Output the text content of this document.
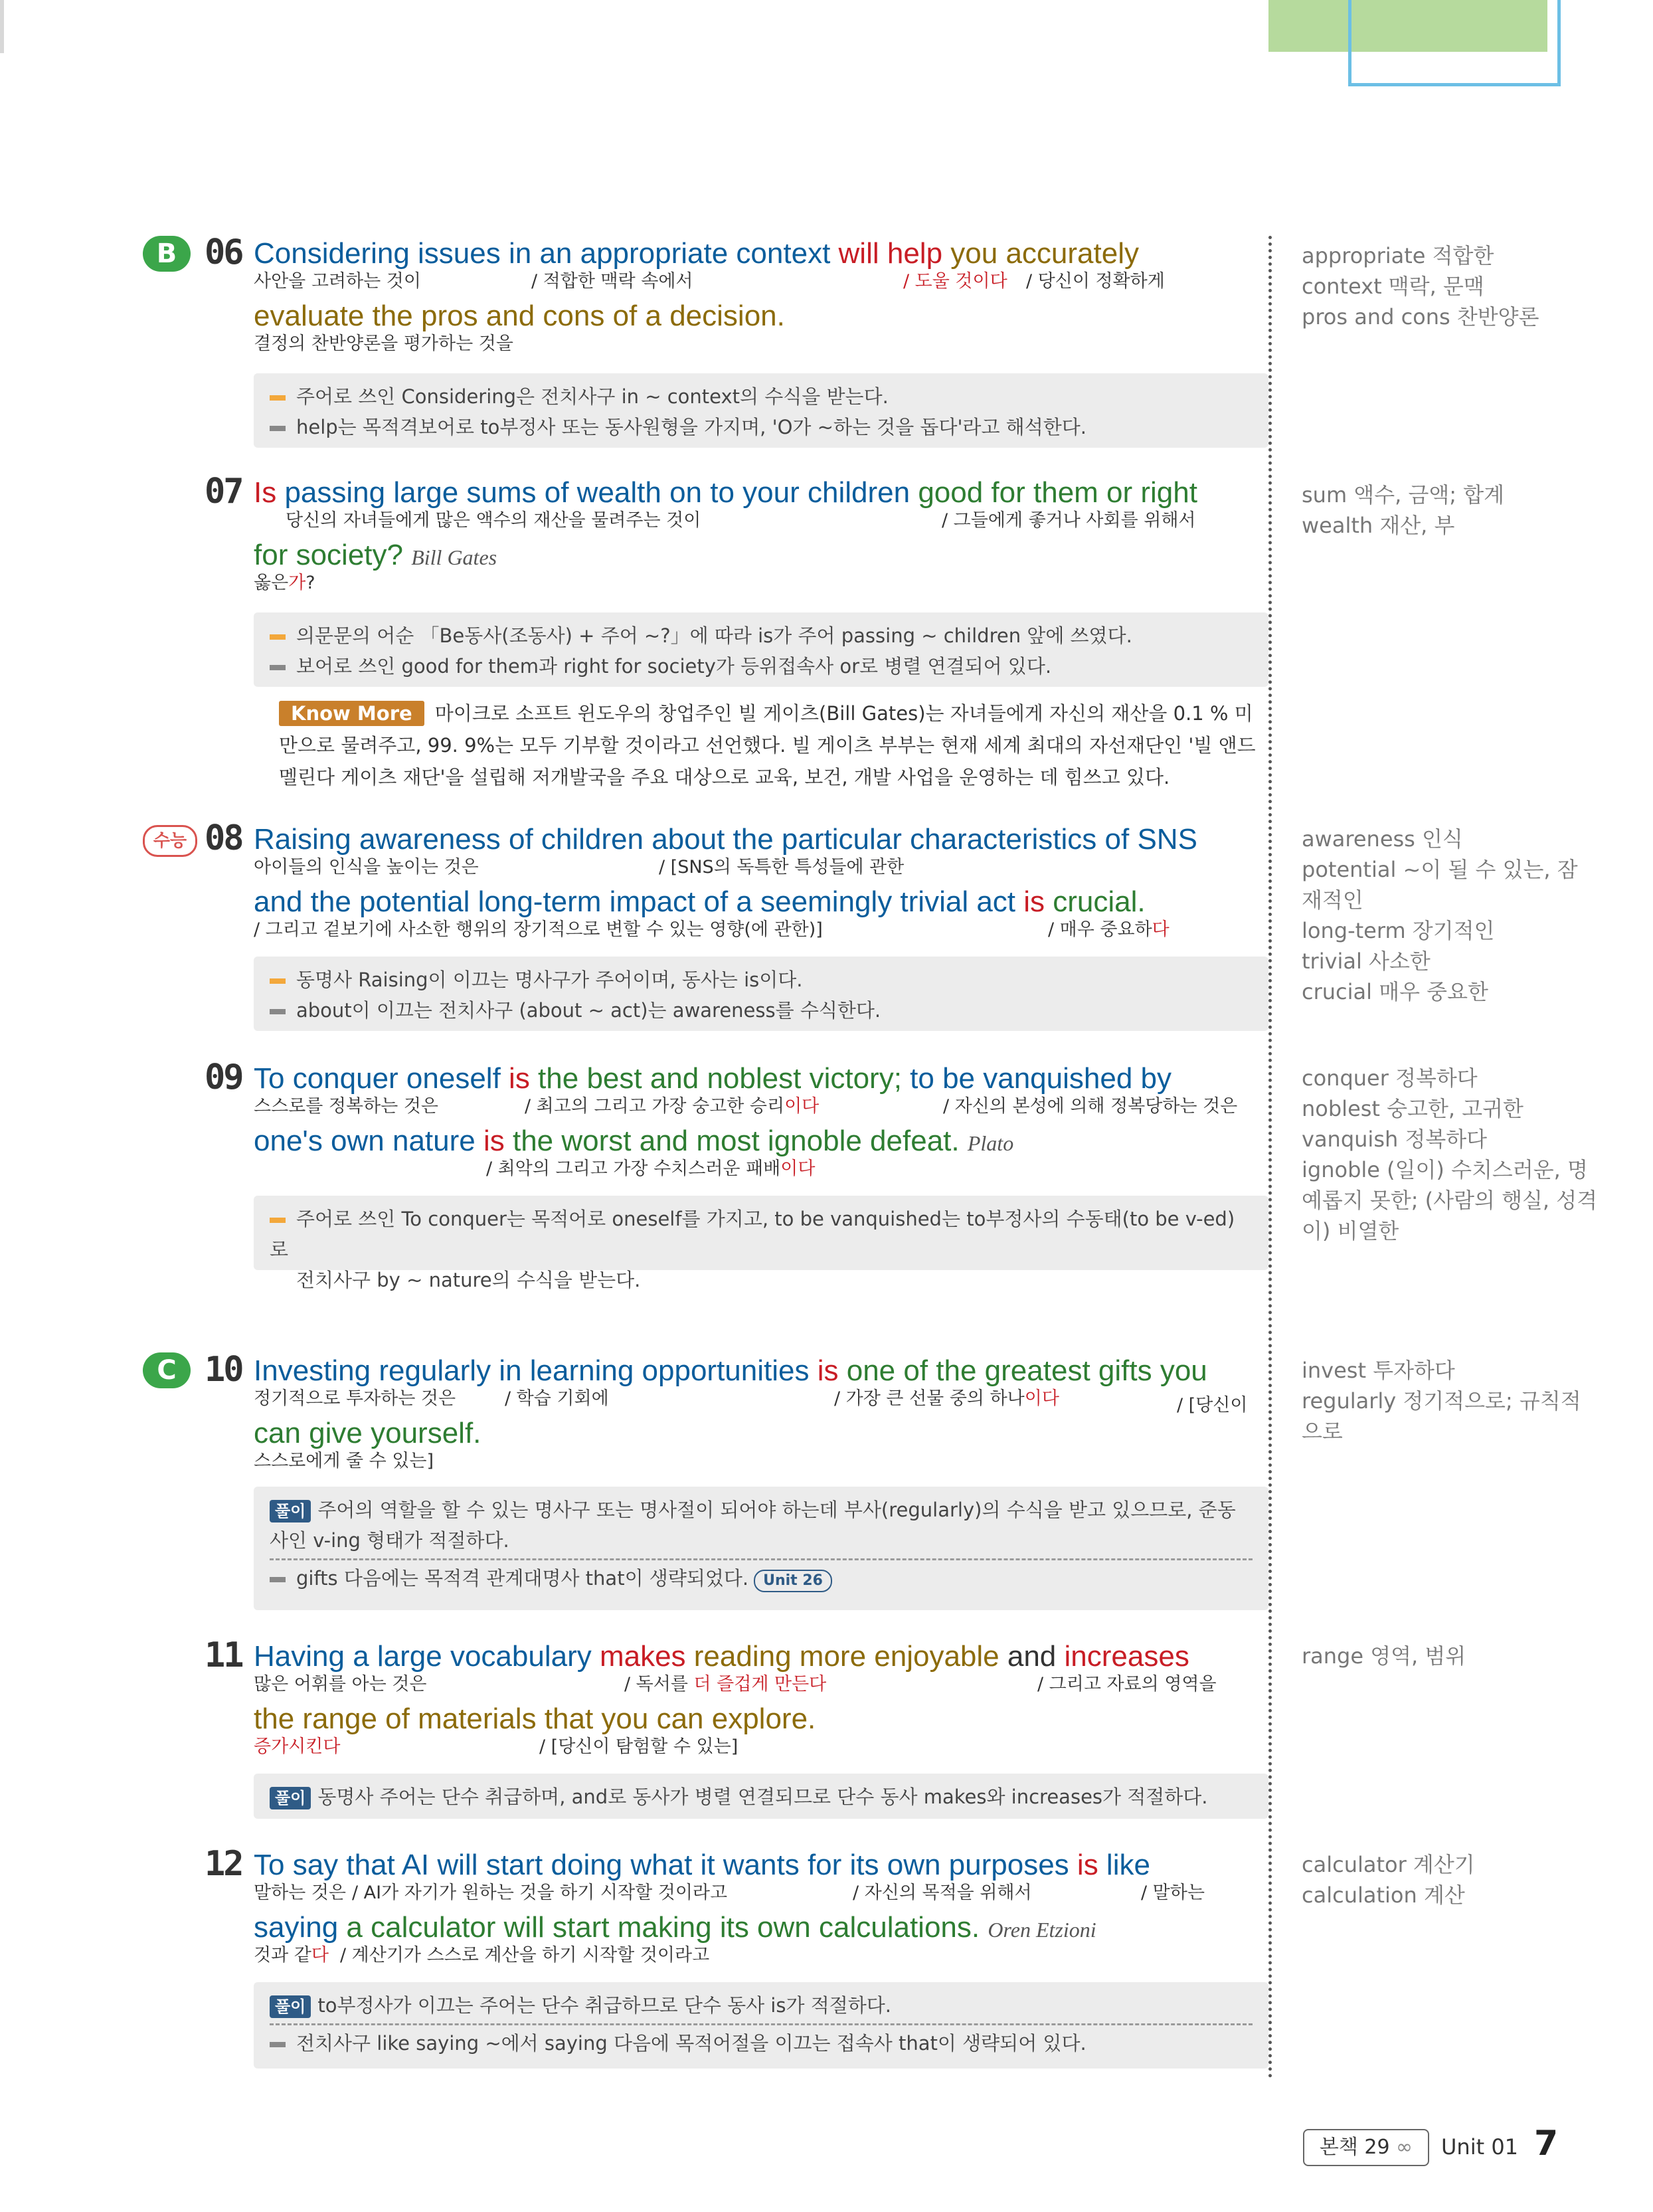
B 06 Considering issues in an appropriate context will help you accurately
사안을 고려하는 것이	/ 적합한 맥락 속에서	/ 도울 것이다 / 당신이 정확하게
evaluate the pros and cons of a decision.
결정의 찬반양론을 평가하는 것을
주어로 쓰인 Considering은 전치사구 in ~ context의 수식을 받는다.
help는 목적격보어로 to부정사 또는 동사원형을 가지며, 'O가 ~하는 것을 돕다'라고 해석한다.
07 Is passing large sums of wealth on to your children good for them or right
당신의 자녀들에게 많은 액수의 재산을 물려주는 것이	/ 그들에게 좋거나 사회를 위해서
for society? Bill Gates
옳은가?
의문문의 어순 「Be동사(조동사) + 주어 ~?」에 따라 is가 주어 passing ~ children 앞에 쓰였다.
보어로 쓰인 good for them과 right for society가 등위접속사 or로 병렬 연결되어 있다.
Know More 마이크로 소프트 윈도우의 창업주인 빌 게이츠(Bill Gates)는 자녀들에게 자신의 재산을 0.1 % 미만으로 물려주고, 99. 9%는 모두 기부할 것이라고 선언했다. 빌 게이츠 부부는 현재 세계 최대의 자선재단인 '빌 앤드 멜린다 게이츠 재단'을 설립해 저개발국을 주요 대상으로 교육, 보건, 개발 사업을 운영하는 데 힘쓰고 있다.
수능 08 Raising awareness of children about the particular characteristics of SNS
아이들의 인식을 높이는 것은	/ [SNS의 독특한 특성들에 관한
and the potential long-term impact of a seemingly trivial act is crucial.
/ 그리고 겉보기에 사소한 행위의 장기적으로 변할 수 있는 영향(에 관한)]	/ 매우 중요하다
동명사 Raising이 이끄는 명사구가 주어이며, 동사는 is이다.
about이 이끄는 전치사구 (about ~ act)는 awareness를 수식한다.
09 To conquer oneself is the best and noblest victory; to be vanquished by
스스로를 정복하는 것은	/ 최고의 그리고 가장 숭고한 승리이다	/ 자신의 본성에 의해 정복당하는 것은
one's own nature is the worst and most ignoble defeat. Plato
/ 최악의 그리고 가장 수치스러운 패배이다
주어로 쓰인 To conquer는 목적어로 oneself를 가지고, to be vanquished는 to부정사의 수동태(to be v-ed)로
전치사구 by ~ nature의 수식을 받는다.
C 10 Investing regularly in learning opportunities is one of the greatest gifts you
정기적으로 투자하는 것은	/ 학습 기회에	/ 가장 큰 선물 중의 하나이다	/ [당신이
can give yourself.
스스로에게 줄 수 있는]
풀이 주어의 역할을 할 수 있는 명사구 또는 명사절이 되어야 하는데 부사(regularly)의 수식을 받고 있으므로, 준동
사인 v-ing 형태가 적절하다.
gifts 다음에는 목적격 관계대명사 that이 생략되었다. Unit 26
11 Having a large vocabulary makes reading more enjoyable and increases
많은 어휘를 아는 것은	/ 독서를 더 즐겁게 만든다	/ 그리고 자료의 영역을
the range of materials that you can explore.
증가시킨다	/ [당신이 탐험할 수 있는]
풀이 동명사 주어는 단수 취급하며, and로 동사가 병렬 연결되므로 단수 동사 makes와 increases가 적절하다.
12 To say that AI will start doing what it wants for its own purposes is like
말하는 것은 / AI가 자기가 원하는 것을 하기 시작할 것이라고	/ 자신의 목적을 위해서	/ 말하는
saying a calculator will start making its own calculations. Oren Etzioni
것과 같다 / 계산기가 스스로 계산을 하기 시작할 것이라고
풀이 to부정사가 이끄는 주어는 단수 취급하므로 단수 동사 is가 적절하다.
전치사구 like saying ~에서 saying 다음에 목적어절을 이끄는 접속사 that이 생략되어 있다.
appropriate 적합한
context 맥락, 문맥
pros and cons 찬반양론
sum 액수, 금액; 합계
wealth 재산, 부
awareness 인식
potential ~이 될 수 있는, 잠
재적인
long-term 장기적인
trivial 사소한
crucial 매우 중요한
conquer 정복하다
noblest 숭고한, 고귀한
vanquish 정복하다
ignoble (일이) 수치스러운, 명
예롭지 못한; (사람의 행실, 성격
이) 비열한
invest 투자하다
regularly 정기적으로; 규칙적
으로
range 영역, 범위
calculator 계산기
calculation 계산
본책 29 ∞	Unit 01 7
